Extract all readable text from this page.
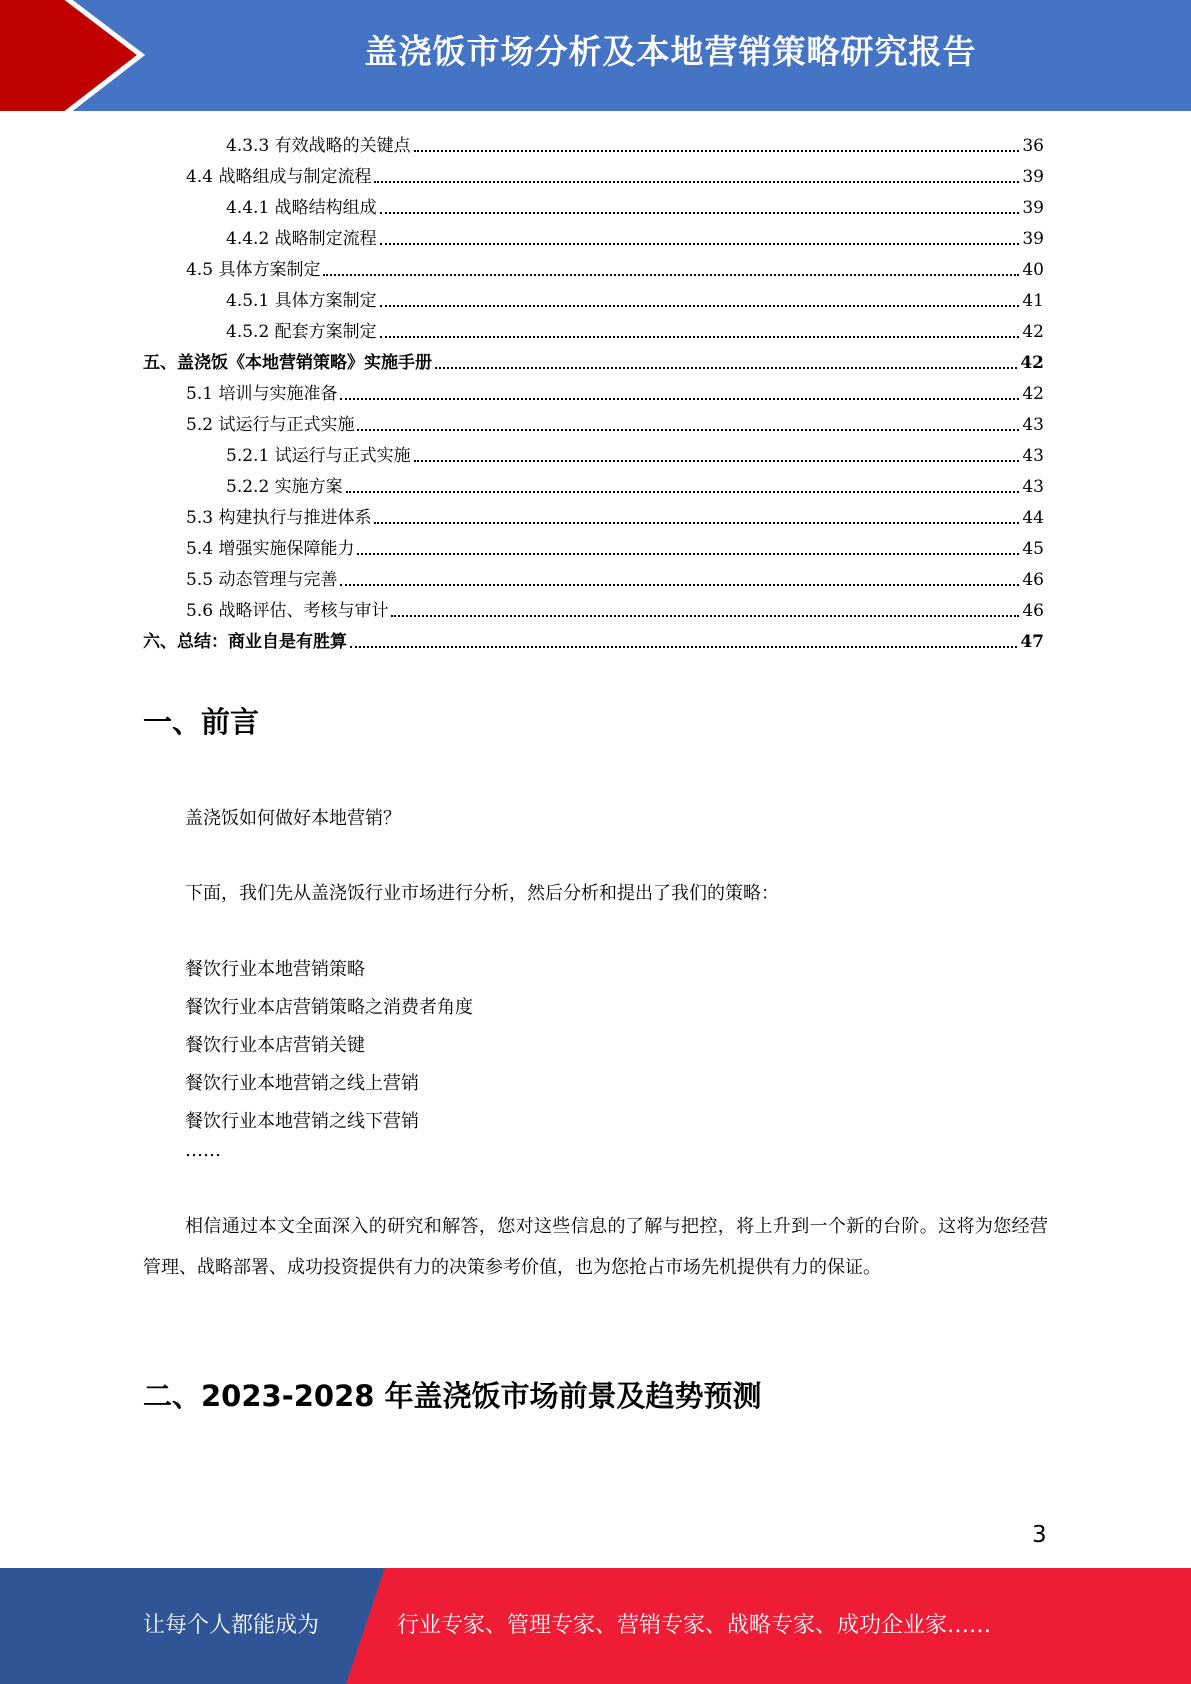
盖浇饭市场分析及本地营销策略研究报告
4.3.3 有效战略的关键点	36
4.4 战略组成与制定流程	39
4.4.1 战略结构组成	39
4.4.2 战略制定流程	39
4.5 具体方案制定	40
4.5.1 具体方案制定	41
4.5.2 配套方案制定	42
五、盖浇饭《本地营销策略》实施手册	42
5.1 培训与实施准备	42
5.2 试运行与正式实施	43
5.2.1 试运行与正式实施	43
5.2.2 实施方案	43
5.3 构建执行与推进体系	44
5.4 增强实施保障能力	45
5.5 动态管理与完善	46
5.6 战略评估、考核与审计	46
六、总结：商业自是有胜算	47
一、前言
盖浇饭如何做好本地营销？
下面，我们先从盖浇饭行业市场进行分析，然后分析和提出了我们的策略：
餐饮行业本地营销策略
餐饮行业本店营销策略之消费者角度
餐饮行业本店营销关键
餐饮行业本地营销之线上营销
餐饮行业本地营销之线下营销
……
相信通过本文全面深入的研究和解答，您对这些信息的了解与把控，将上升到一个新的台阶。这将为您经营管理、战略部署、成功投资提供有力的决策参考价值，也为您抢占市场先机提供有力的保证。
二、2023-2028 年盖浇饭市场前景及趋势预测
3
让每个人都能成为	行业专家、管理专家、营销专家、战略专家、成功企业家……
